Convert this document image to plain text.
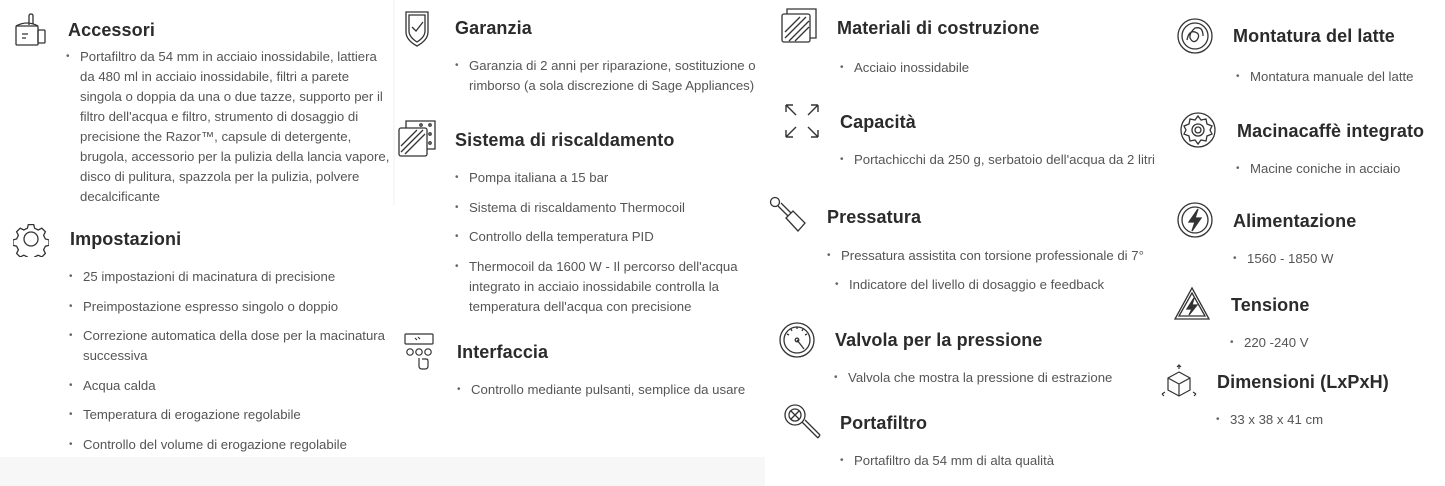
Accessori
• Portafiltro da 54 mm in acciaio inossidabile, lattiera da 480 ml in acciaio inossidabile, filtri a parete singola o doppia da una o due tazze, supporto per il filtro dell'acqua e filtro, strumento di dosaggio di precisione the Razor™, capsule di detergente, brugola, accessorio per la pulizia della lancia vapore, disco di pulitura, spazzola per la pulizia, polvere decalcificante
Impostazioni
• 25 impostazioni di macinatura di precisione
• Preimpostazione espresso singolo o doppio
• Correzione automatica della dose per la macinatura successiva
• Acqua calda
• Temperatura di erogazione regolabile
• Controllo del volume di erogazione regolabile
Garanzia
• Garanzia di 2 anni per riparazione, sostituzione o rimborso (a sola discrezione di Sage Appliances)
Sistema di riscaldamento
• Pompa italiana a 15 bar
• Sistema di riscaldamento Thermocoil
• Controllo della temperatura PID
• Thermocoil da 1600 W - Il percorso dell'acqua integrato in acciaio inossidabile controlla la temperatura dell'acqua con precisione
Interfaccia
• Controllo mediante pulsanti, semplice da usare
Materiali di costruzione
• Acciaio inossidabile
Capacità
• Portachicchi da 250 g, serbatoio dell'acqua da 2 litri
Pressatura
• Pressatura assistita con torsione professionale di 7°
• Indicatore del livello di dosaggio e feedback
Valvola per la pressione
• Valvola che mostra la pressione di estrazione
Portafiltro
• Portafiltro da 54 mm di alta qualità
Montatura del latte
• Montatura manuale del latte
Macinacaffè integrato
• Macine coniche in acciaio
Alimentazione
• 1560 - 1850 W
Tensione
• 220 -240 V
Dimensioni (LxPxH)
• 33 x 38 x 41 cm
